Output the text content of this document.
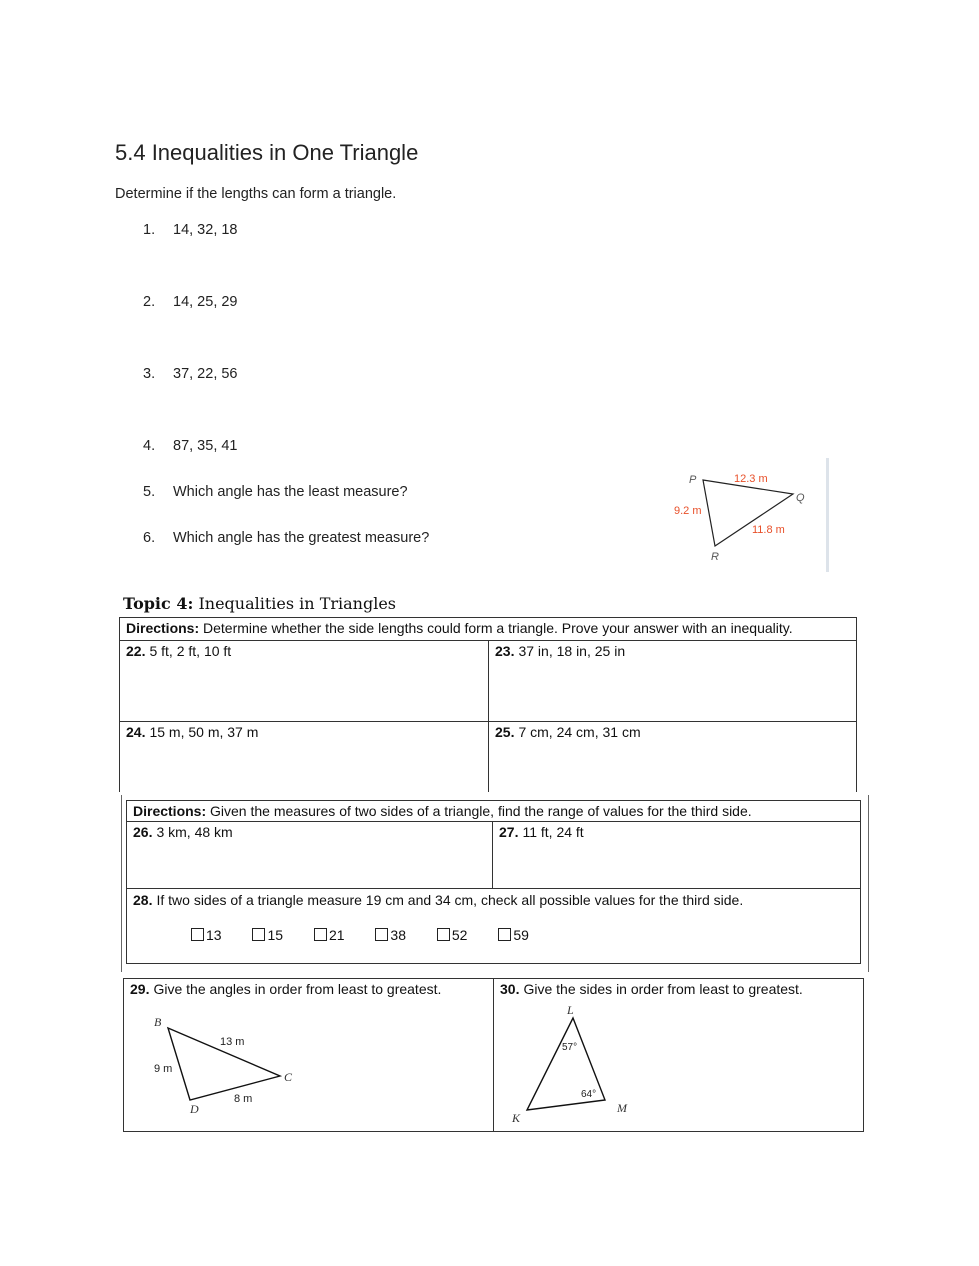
5.4 Inequalities in One Triangle
Determine if the lengths can form a triangle.
1. 14, 32, 18
2. 14, 25, 29
3. 37, 22, 56
4. 87, 35, 41
5. Which angle has the least measure?
6. Which angle has the greatest measure?
P
Q
R
12.3 m
9.2 m
11.8 m
Topic 4: Inequalities in Triangles
Directions: Determine whether the side lengths could form a triangle. Prove your answer with an inequality.	
22. 5 ft, 2 ft, 10 ft	23. 37 in, 18 in, 25 in
24. 15 m, 50 m, 37 m	25. 7 cm, 24 cm, 31 cm
Directions: Given the measures of two sides of a triangle, find the range of values for the third side.
26. 3 km, 48 km	27. 11 ft, 24 ft

28. If two sides of a triangle measure 19 cm and 34 cm, check all possible values for the third side.
13	15	21	38	52	59
29. Give the angles in order from least to greatest.	30. Give the sides in order from least to greatest.
B
C
D
13 m
9 m
8 m
L
K
M
57°
64°
